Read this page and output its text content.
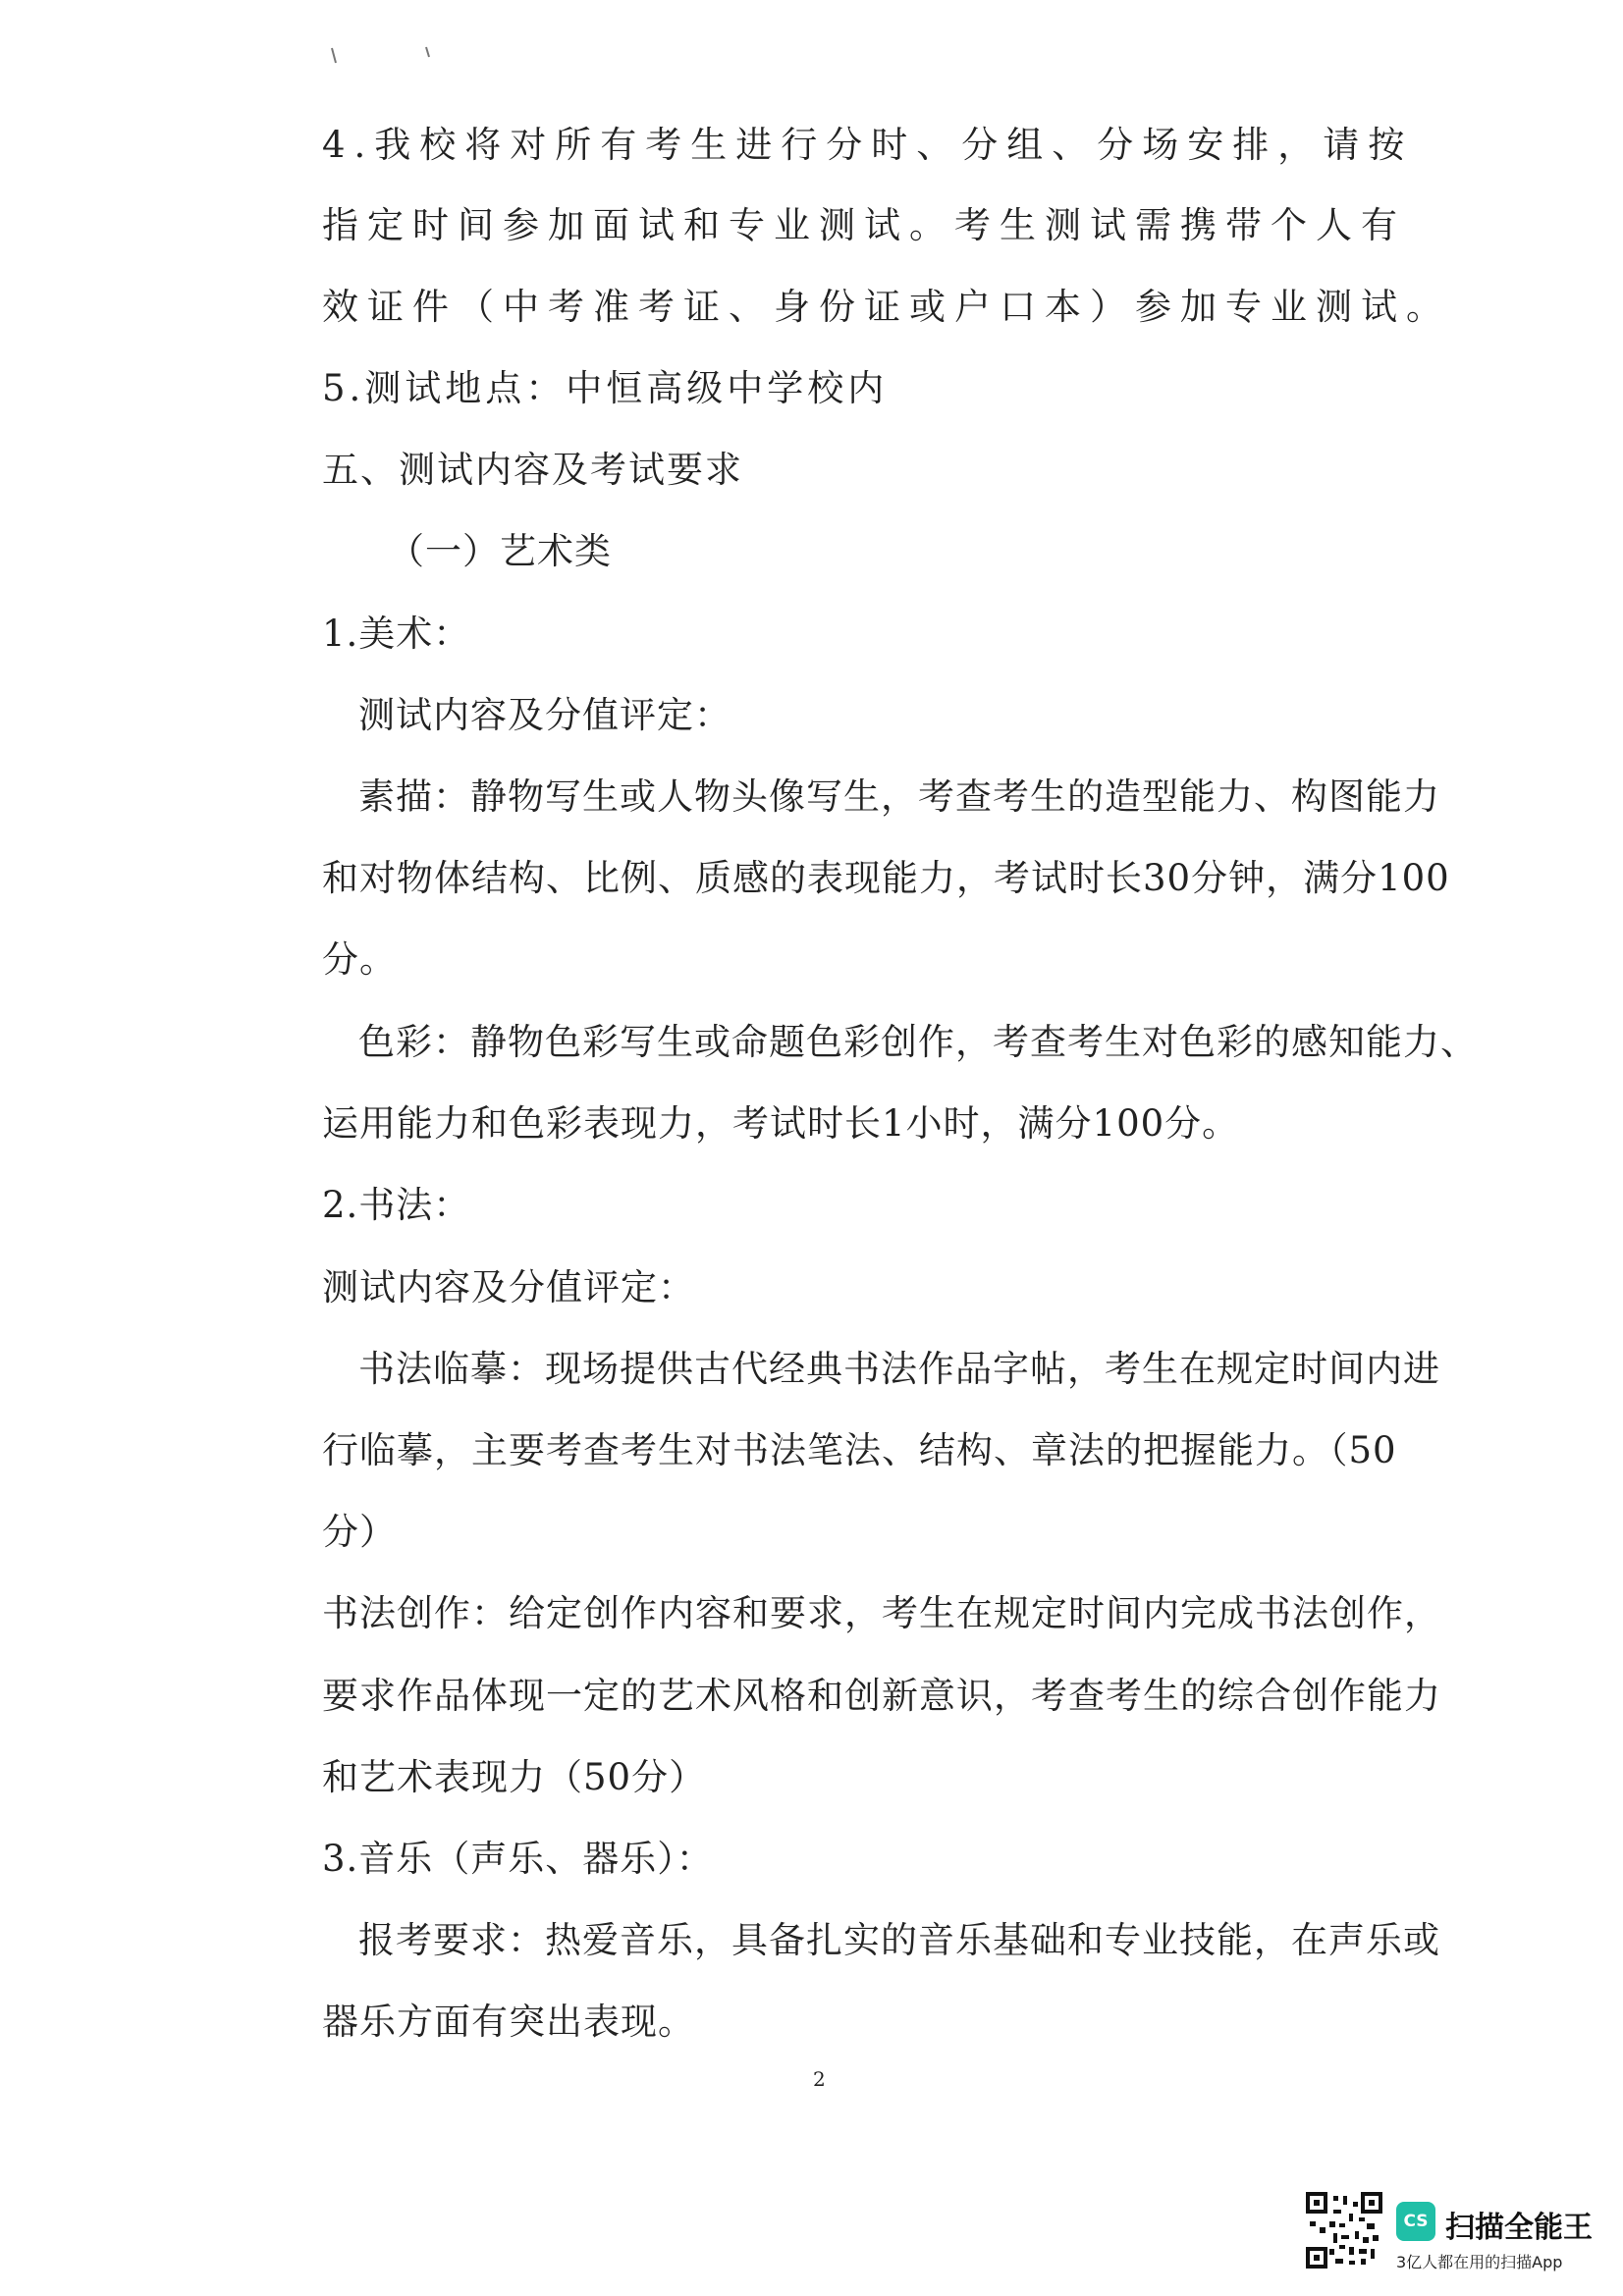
4.我校将对所有考生进行分时、分组、分场安排，请按
指定时间参加面试和专业测试。考生测试需携带个人有
效证件（中考准考证、身份证或户口本）参加专业测试。
5.测试地点：中恒高级中学校内
五、测试内容及考试要求
（一）艺术类
1.美术：
测试内容及分值评定：
素描：静物写生或人物头像写生，考查考生的造型能力、构图能力
和对物体结构、比例、质感的表现能力，考试时长30分钟，满分100
分。
色彩：静物色彩写生或命题色彩创作，考查考生对色彩的感知能力、
运用能力和色彩表现力，考试时长1小时，满分100分。
2.书法：
测试内容及分值评定：
书法临摹：现场提供古代经典书法作品字帖，考生在规定时间内进
行临摹，主要考查考生对书法笔法、结构、章法的把握能力。（50
分）
书法创作：给定创作内容和要求，考生在规定时间内完成书法创作，
要求作品体现一定的艺术风格和创新意识，考查考生的综合创作能力
和艺术表现力（50分）
3.音乐（声乐、器乐）：
报考要求：热爱音乐，具备扎实的音乐基础和专业技能，在声乐或
器乐方面有突出表现。
2
CS 扫描全能王
3亿人都在用的扫描App
